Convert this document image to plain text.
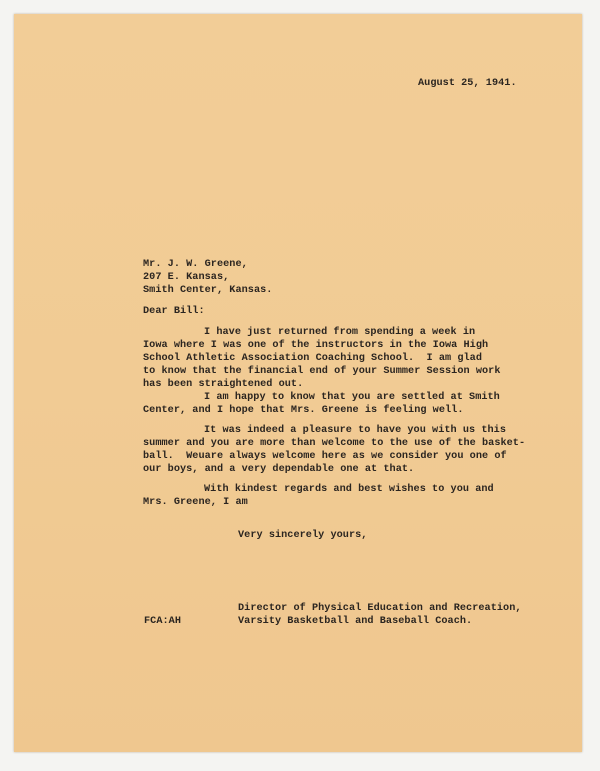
August 25, 1941.
Mr. J. W. Greene,
207 E. Kansas,
Smith Center, Kansas.
Dear Bill:
I have just returned from spending a week in
Iowa where I was one of the instructors in the Iowa High
School Athletic Association Coaching School.  I am glad
to know that the financial end of your Summer Session work
has been straightened out.
I am happy to know that you are settled at Smith
Center, and I hope that Mrs. Greene is feeling well.
It was indeed a pleasure to have you with us this
summer and you are more than welcome to the use of the basket-
ball.  Weuare always welcome here as we consider you one of
our boys, and a very dependable one at that.
With kindest regards and best wishes to you and
Mrs. Greene, I am
Very sincerely yours,
Director of Physical Education and Recreation,
FCA:AH	Varsity Basketball and Baseball Coach.
